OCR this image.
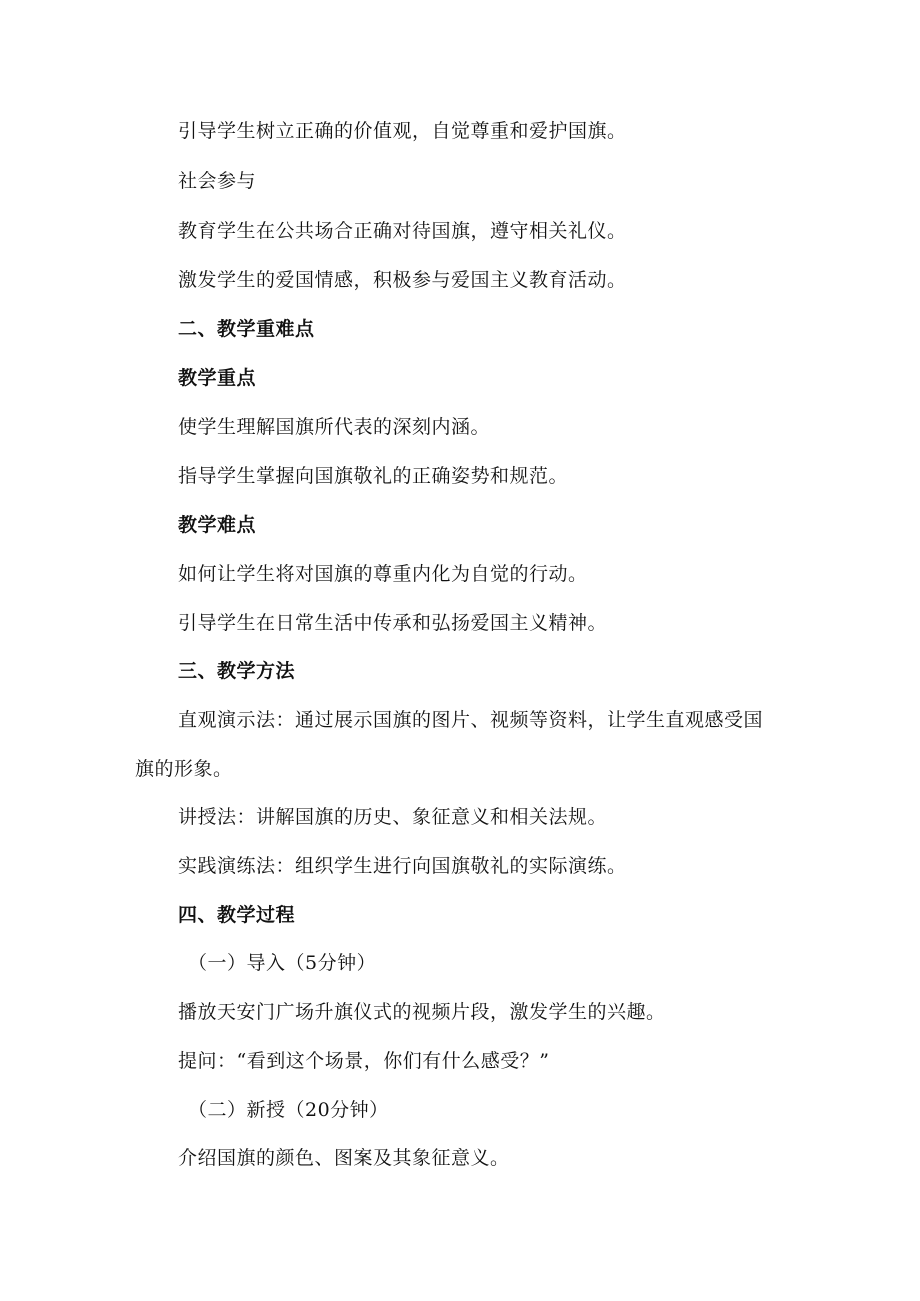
引导学生树立正确的价值观，自觉尊重和爱护国旗。

社会参与

教育学生在公共场合正确对待国旗，遵守相关礼仪。

激发学生的爱国情感，积极参与爱国主义教育活动。

二、教学重难点

教学重点

使学生理解国旗所代表的深刻内涵。

指导学生掌握向国旗敬礼的正确姿势和规范。

教学难点

如何让学生将对国旗的尊重内化为自觉的行动。

引导学生在日常生活中传承和弘扬爱国主义精神。

三、教学方法

直观演示法：通过展示国旗的图片、视频等资料，让学生直观感受国

旗的形象。

讲授法：讲解国旗的历史、象征意义和相关法规。

实践演练法：组织学生进行向国旗敬礼的实际演练。

四、教学过程

（一）导入（5分钟）

播放天安门广场升旗仪式的视频片段，激发学生的兴趣。

提问：“看到这个场景，你们有什么感受？”

（二）新授（20分钟）

介绍国旗的颜色、图案及其象征意义。
